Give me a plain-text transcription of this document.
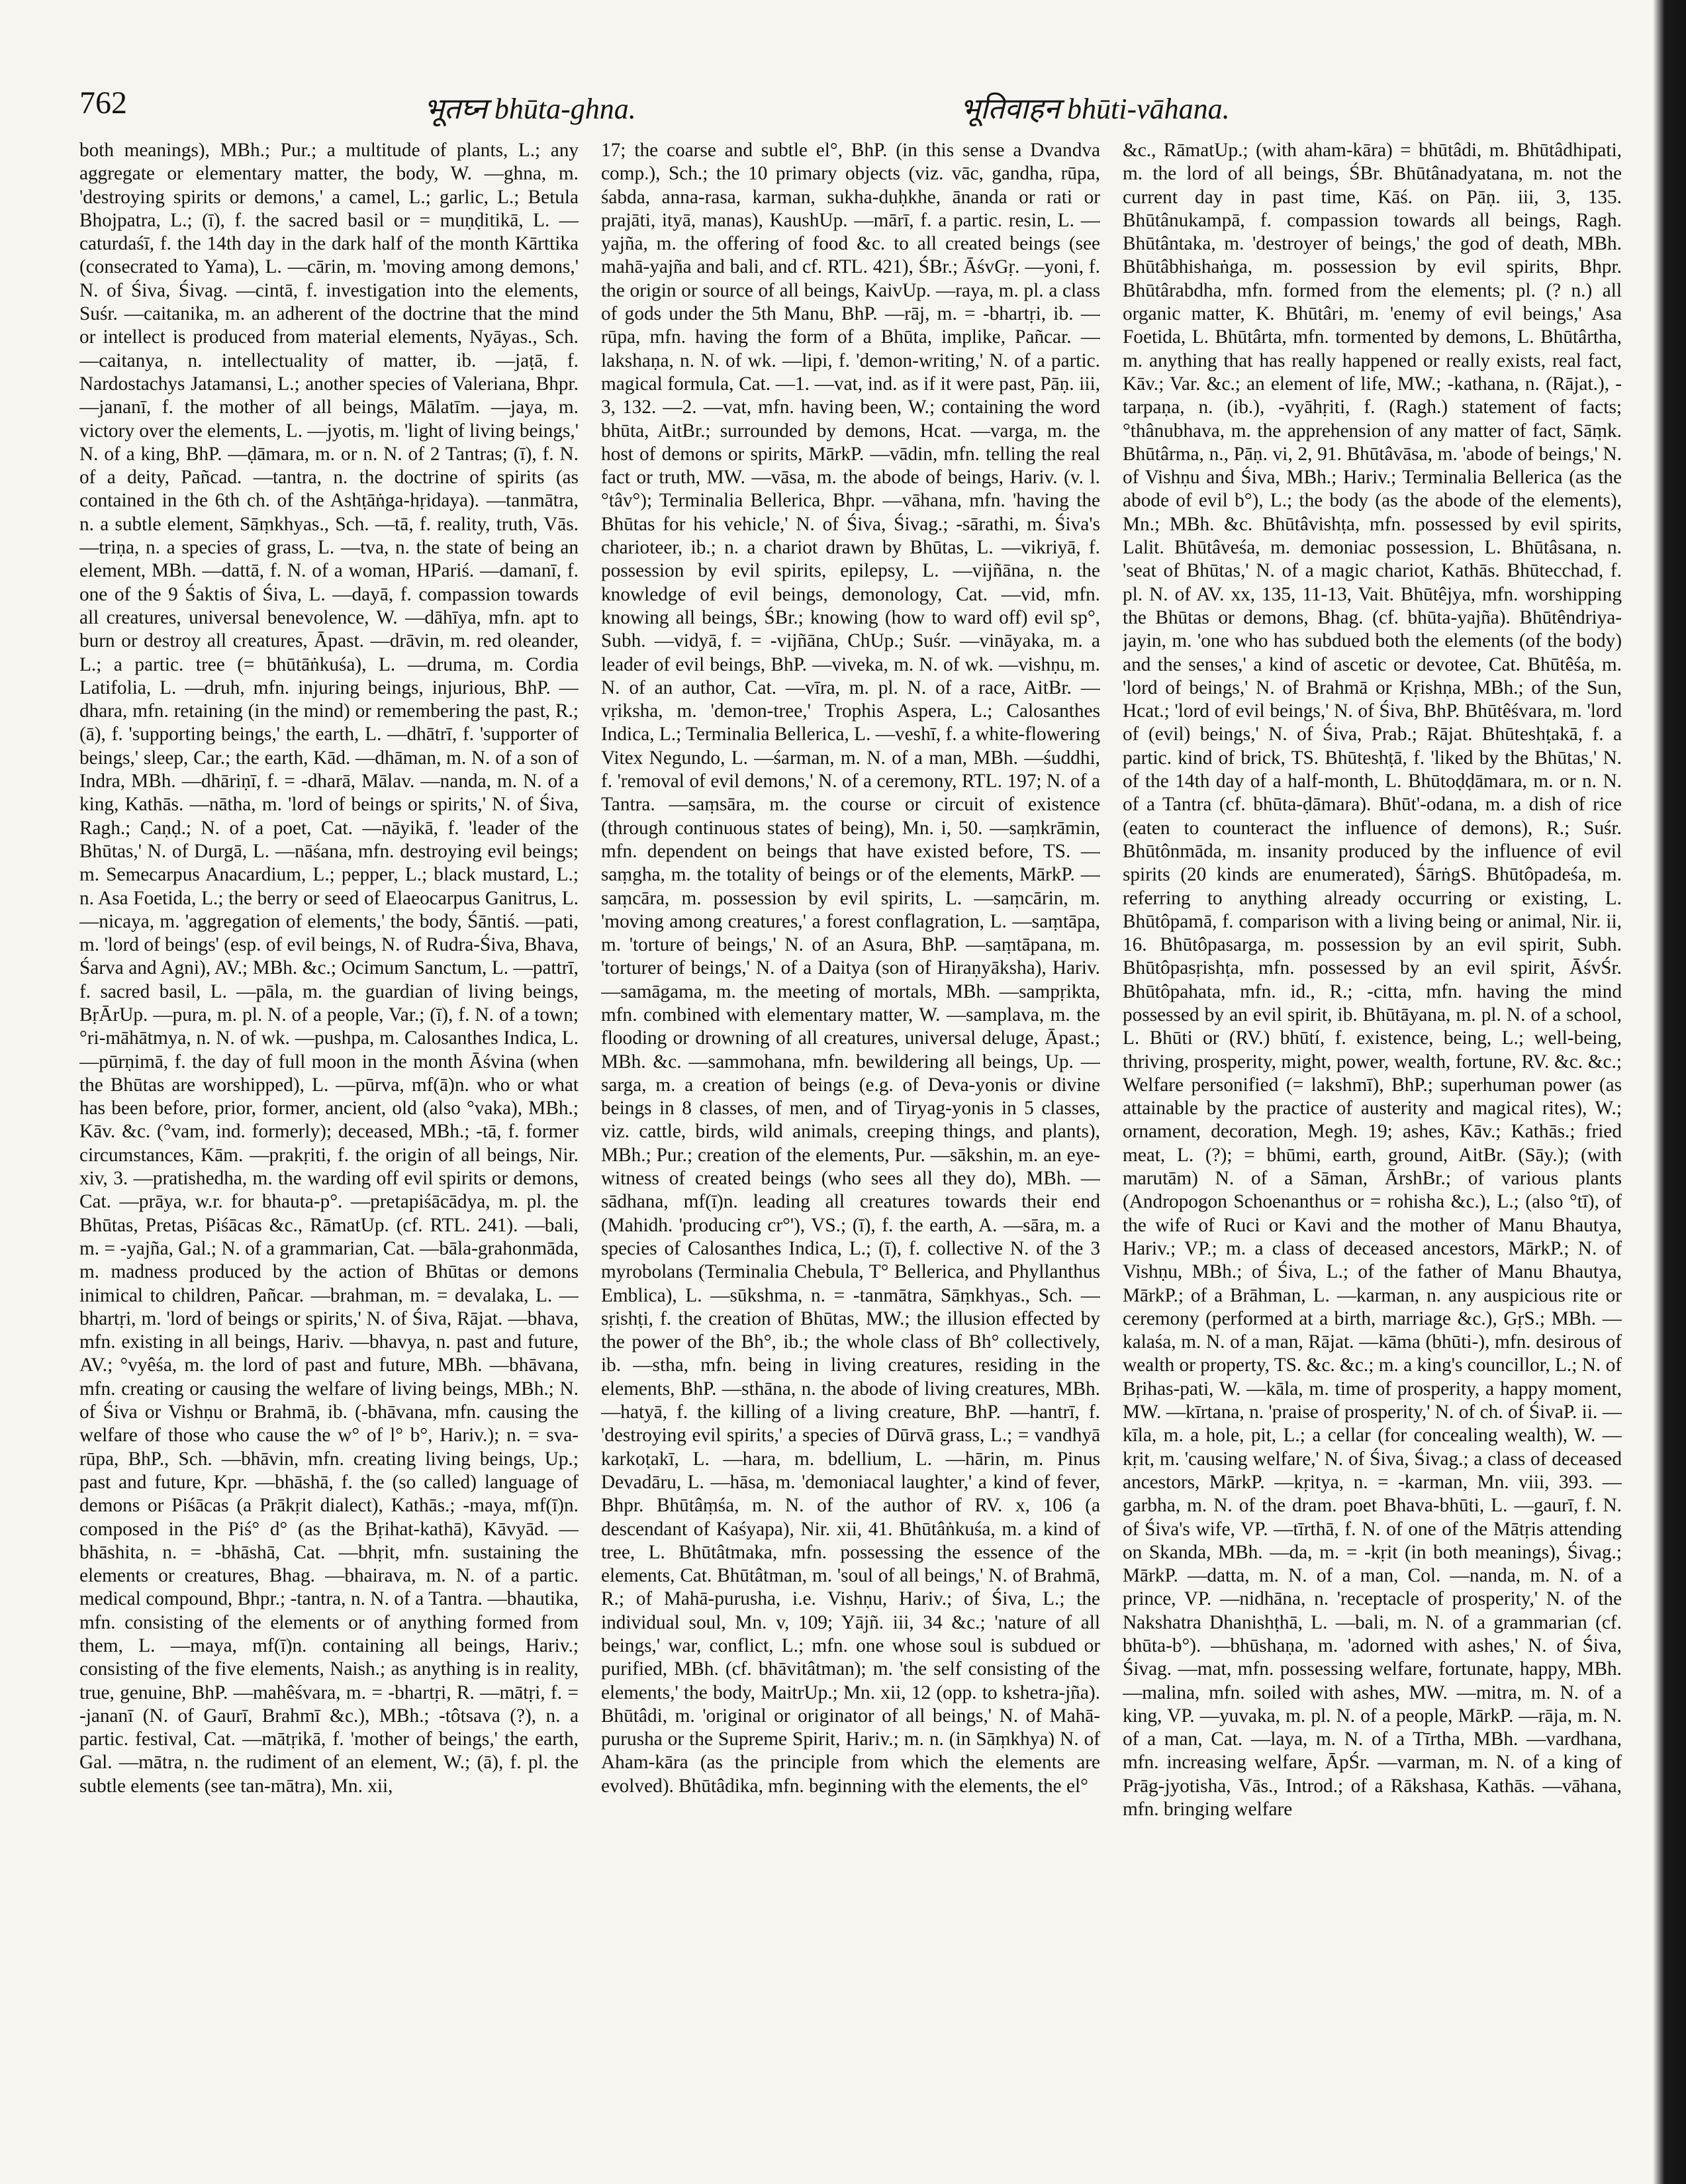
762	भूतघ्न bhūta-ghna.	भूतिवाहन bhūti-vāhana.
both meanings), MBh.; Pur.; a multitude of plants, L.; any aggregate or elementary matter, the body, W. —ghna, m. 'destroying spirits or demons,' a camel, L.; garlic, L.; Betula Bhojpatra, L.; (ī), f. the sacred basil or = muṇḍitikā, L. —caturdaśī, f. the 14th day in the dark half of the month Kārttika (consecrated to Yama), L. —cārin, m. 'moving among demons,' N. of Śiva, Śivag. —cintā, f. investigation into the elements, Suśr. —caitanika, m. an adherent of the doctrine that the mind or intellect is produced from material elements, Nyāyas., Sch. —caitanya, n. intellectuality of matter, ib. —jaṭā, f. Nardostachys Jatamansi, L.; another species of Valeriana, Bhpr. —jananī, f. the mother of all beings, Mālatīm. —jaya, m. victory over the elements, L. —jyotis, m. 'light of living beings,' N. of a king, BhP. —ḍāmara, m. or n. N. of 2 Tantras; (ī), f. N. of a deity, Pañcad. —tantra, n. the doctrine of spirits (as contained in the 6th ch. of the Ashṭāṅga-hṛidaya). —tanmātra, n. a subtle element, Sāṃkhyas., Sch. —tā, f. reality, truth, Vās. —triṇa, n. a species of grass, L. —tva, n. the state of being an element, MBh. —dattā, f. N. of a woman, HPariś. —damanī, f. one of the 9 Śaktis of Śiva, L. —dayā, f. compassion towards all creatures, universal benevolence, W. —dāhīya, mfn. apt to burn or destroy all creatures, Āpast. —drāvin, m. red oleander, L.; a partic. tree (= bhūtāṅkuśa), L. —druma, m. Cordia Latifolia, L. —druh, mfn. injuring beings, injurious, BhP. —dhara, mfn. retaining (in the mind) or remembering the past, R.; (ā), f. 'supporting beings,' the earth, L. —dhātrī, f. 'supporter of beings,' sleep, Car.; the earth, Kād. —dhāman, m. N. of a son of Indra, MBh. —dhāriṇī, f. = -dharā, Mālav. —nanda, m. N. of a king, Kathās. —nātha, m. 'lord of beings or spirits,' N. of Śiva, Ragh.; Caṇḍ.; N. of a poet, Cat. —nāyikā, f. 'leader of the Bhūtas,' N. of Durgā, L. —nāśana, mfn. destroying evil beings; m. Semecarpus Anacardium, L.; pepper, L.; black mustard, L.; n. Asa Foetida, L.; the berry or seed of Elaeocarpus Ganitrus, L. —nicaya, m. 'aggregation of elements,' the body, Śāntiś. —pati, m. 'lord of beings' (esp. of evil beings, N. of Rudra-Śiva, Bhava, Śarva and Agni), AV.; MBh. &c.; Ocimum Sanctum, L. —pattrī, f. sacred basil, L. —pāla, m. the guardian of living beings, BṛĀrUp. —pura, m. pl. N. of a people, Var.; (ī), f. N. of a town; °ri-māhātmya, n. N. of wk. —pushpa, m. Calosanthes Indica, L. —pūrṇimā, f. the day of full moon in the month Āśvina (when the Bhūtas are worshipped), L. —pūrva, mf(ā)n. who or what has been before, prior, former, ancient, old (also °vaka), MBh.; Kāv. &c. (°vam, ind. formerly); deceased, MBh.; -tā, f. former circumstances, Kām. —prakṛiti, f. the origin of all beings, Nir. xiv, 3. —pratishedha, m. the warding off evil spirits or demons, Cat. —prāya, w.r. for bhauta-p°. —pretapiśācādya, m. pl. the Bhūtas, Pretas, Piśācas &c., RāmatUp. (cf. RTL. 241). —bali, m. = -yajña, Gal.; N. of a grammarian, Cat. —bāla-grahonmāda, m. madness produced by the action of Bhūtas or demons inimical to children, Pañcar. —brahman, m. = devalaka, L. —bhartṛi, m. 'lord of beings or spirits,' N. of Śiva, Rājat. —bhava, mfn. existing in all beings, Hariv. —bhavya, n. past and future, AV.; °vyêśa, m. the lord of past and future, MBh. —bhāvana, mfn. creating or causing the welfare of living beings, MBh.; N. of Śiva or Vishṇu or Brahmā, ib. (-bhāvana, mfn. causing the welfare of those who cause the w° of l° b°, Hariv.); n. = sva-rūpa, BhP., Sch. —bhāvin, mfn. creating living beings, Up.; past and future, Kpr. —bhāshā, f. the (so called) language of demons or Piśācas (a Prākṛit dialect), Kathās.; -maya, mf(ī)n. composed in the Piś° d° (as the Bṛihat-kathā), Kāvyād. —bhāshita, n. = -bhāshā, Cat. —bhṛit, mfn. sustaining the elements or creatures, Bhag. —bhairava, m. N. of a partic. medical compound, Bhpr.; -tantra, n. N. of a Tantra. —bhautika, mfn. consisting of the elements or of anything formed from them, L. —maya, mf(ī)n. containing all beings, Hariv.; consisting of the five elements, Naish.; as anything is in reality, true, genuine, BhP. —mahêśvara, m. = -bhartṛi, R. —mātṛi, f. = -jananī (N. of Gaurī, Brahmī &c.), MBh.; -tôtsava (?), n. a partic. festival, Cat. —mātṛikā, f. 'mother of beings,' the earth, Gal. —mātra, n. the rudiment of an element, W.; (ā), f. pl. the subtle elements (see tan-mātra), Mn. xii,
17; the coarse and subtle el°, BhP. (in this sense a Dvandva comp.), Sch.; the 10 primary objects (viz. vāc, gandha, rūpa, śabda, anna-rasa, karman, sukha-duḥkhe, ānanda or rati or prajāti, ityā, manas), KaushUp. —mārī, f. a partic. resin, L. —yajña, m. the offering of food &c. to all created beings (see mahā-yajña and bali, and cf. RTL. 421), ŚBr.; ĀśvGṛ. —yoni, f. the origin or source of all beings, KaivUp. —raya, m. pl. a class of gods under the 5th Manu, BhP. —rāj, m. = -bhartṛi, ib. —rūpa, mfn. having the form of a Bhūta, implike, Pañcar. —lakshaṇa, n. N. of wk. —lipi, f. 'demon-writing,' N. of a partic. magical formula, Cat. —1. —vat, ind. as if it were past, Pāṇ. iii, 3, 132. —2. —vat, mfn. having been, W.; containing the word bhūta, AitBr.; surrounded by demons, Hcat. —varga, m. the host of demons or spirits, MārkP. —vādin, mfn. telling the real fact or truth, MW. —vāsa, m. the abode of beings, Hariv. (v. l. °tâv°); Terminalia Bellerica, Bhpr. —vāhana, mfn. 'having the Bhūtas for his vehicle,' N. of Śiva, Śivag.; -sārathi, m. Śiva's charioteer, ib.; n. a chariot drawn by Bhūtas, L. —vikriyā, f. possession by evil spirits, epilepsy, L. —vijñāna, n. the knowledge of evil beings, demonology, Cat. —vid, mfn. knowing all beings, ŚBr.; knowing (how to ward off) evil sp°, Subh. —vidyā, f. = -vijñāna, ChUp.; Suśr. —vināyaka, m. a leader of evil beings, BhP. —viveka, m. N. of wk. —vishṇu, m. N. of an author, Cat. —vīra, m. pl. N. of a race, AitBr. —vṛiksha, m. 'demon-tree,' Trophis Aspera, L.; Calosanthes Indica, L.; Terminalia Bellerica, L. —veshī, f. a white-flowering Vitex Negundo, L. —śarman, m. N. of a man, MBh. —śuddhi, f. 'removal of evil demons,' N. of a ceremony, RTL. 197; N. of a Tantra. —saṃsāra, m. the course or circuit of existence (through continuous states of being), Mn. i, 50. —saṃkrāmin, mfn. dependent on beings that have existed before, TS. —saṃgha, m. the totality of beings or of the elements, MārkP. —saṃcāra, m. possession by evil spirits, L. —saṃcārin, m. 'moving among creatures,' a forest conflagration, L. —saṃtāpa, m. 'torture of beings,' N. of an Asura, BhP. —saṃtāpana, m. 'torturer of beings,' N. of a Daitya (son of Hiraṇyāksha), Hariv. —samāgama, m. the meeting of mortals, MBh. —sampṛikta, mfn. combined with elementary matter, W. —samplava, m. the flooding or drowning of all creatures, universal deluge, Āpast.; MBh. &c. —sammohana, mfn. bewildering all beings, Up. —sarga, m. a creation of beings (e.g. of Deva-yonis or divine beings in 8 classes, of men, and of Tiryag-yonis in 5 classes, viz. cattle, birds, wild animals, creeping things, and plants), MBh.; Pur.; creation of the elements, Pur. —sākshin, m. an eye-witness of created beings (who sees all they do), MBh. —sādhana, mf(ī)n. leading all creatures towards their end (Mahidh. 'producing cr°'), VS.; (ī), f. the earth, A. —sāra, m. a species of Calosanthes Indica, L.; (ī), f. collective N. of the 3 myrobolans (Terminalia Chebula, T° Bellerica, and Phyllanthus Emblica), L. —sūkshma, n. = -tanmātra, Sāṃkhyas., Sch. —sṛishṭi, f. the creation of Bhūtas, MW.; the illusion effected by the power of the Bh°, ib.; the whole class of Bh° collectively, ib. —stha, mfn. being in living creatures, residing in the elements, BhP. —sthāna, n. the abode of living creatures, MBh. —hatyā, f. the killing of a living creature, BhP. —hantrī, f. 'destroying evil spirits,' a species of Dūrvā grass, L.; = vandhyā karkoṭakī, L. —hara, m. bdellium, L. —hārin, m. Pinus Devadāru, L. —hāsa, m. 'demoniacal laughter,' a kind of fever, Bhpr. Bhūtâṃśa, m. N. of the author of RV. x, 106 (a descendant of Kaśyapa), Nir. xii, 41. Bhūtâṅkuśa, m. a kind of tree, L. Bhūtâtmaka, mfn. possessing the essence of the elements, Cat. Bhūtâtman, m. 'soul of all beings,' N. of Brahmā, R.; of Mahā-purusha, i.e. Vishṇu, Hariv.; of Śiva, L.; the individual soul, Mn. v, 109; Yājñ. iii, 34 &c.; 'nature of all beings,' war, conflict, L.; mfn. one whose soul is subdued or purified, MBh. (cf. bhāvitâtman); m. 'the self consisting of the elements,' the body, MaitrUp.; Mn. xii, 12 (opp. to kshetra-jña). Bhūtâdi, m. 'original or originator of all beings,' N. of Mahā-purusha or the Supreme Spirit, Hariv.; m. n. (in Sāṃkhya) N. of Aham-kāra (as the principle from which the elements are evolved). Bhūtâdika, mfn. beginning with the elements, the el°
&c., RāmatUp.; (with aham-kāra) = bhūtâdi, m. Bhūtâdhipati, m. the lord of all beings, ŚBr. Bhūtânadyatana, m. not the current day in past time, Kāś. on Pāṇ. iii, 3, 135. Bhūtânukampā, f. compassion towards all beings, Ragh. Bhūtântaka, m. 'destroyer of beings,' the god of death, MBh. Bhūtâbhishaṅga, m. possession by evil spirits, Bhpr. Bhūtârabdha, mfn. formed from the elements; pl. (? n.) all organic matter, K. Bhūtâri, m. 'enemy of evil beings,' Asa Foetida, L. Bhūtârta, mfn. tormented by demons, L. Bhūtârtha, m. anything that has really happened or really exists, real fact, Kāv.; Var. &c.; an element of life, MW.; -kathana, n. (Rājat.), -tarpaṇa, n. (ib.), -vyāhṛiti, f. (Ragh.) statement of facts; °thânubhava, m. the apprehension of any matter of fact, Sāṃk. Bhūtârma, n., Pāṇ. vi, 2, 91. Bhūtâvāsa, m. 'abode of beings,' N. of Vishṇu and Śiva, MBh.; Hariv.; Terminalia Bellerica (as the abode of evil b°), L.; the body (as the abode of the elements), Mn.; MBh. &c. Bhūtâvishṭa, mfn. possessed by evil spirits, Lalit. Bhūtâveśa, m. demoniac possession, L. Bhūtâsana, n. 'seat of Bhūtas,' N. of a magic chariot, Kathās. Bhūtecchad, f. pl. N. of AV. xx, 135, 11-13, Vait. Bhūtêjya, mfn. worshipping the Bhūtas or demons, Bhag. (cf. bhūta-yajña). Bhūtêndriya-jayin, m. 'one who has subdued both the elements (of the body) and the senses,' a kind of ascetic or devotee, Cat. Bhūtêśa, m. 'lord of beings,' N. of Brahmā or Kṛishṇa, MBh.; of the Sun, Hcat.; 'lord of evil beings,' N. of Śiva, BhP. Bhūtêśvara, m. 'lord of (evil) beings,' N. of Śiva, Prab.; Rājat. Bhūteshṭakā, f. a partic. kind of brick, TS. Bhūteshṭā, f. 'liked by the Bhūtas,' N. of the 14th day of a half-month, L. Bhūtoḍḍāmara, m. or n. N. of a Tantra (cf. bhūta-ḍāmara). Bhūt'-odana, m. a dish of rice (eaten to counteract the influence of demons), R.; Suśr. Bhūtônmāda, m. insanity produced by the influence of evil spirits (20 kinds are enumerated), ŚārṅgS. Bhūtôpadeśa, m. referring to anything already occurring or existing, L. Bhūtôpamā, f. comparison with a living being or animal, Nir. ii, 16. Bhūtôpasarga, m. possession by an evil spirit, Subh. Bhūtôpasṛishṭa, mfn. possessed by an evil spirit, ĀśvŚr. Bhūtôpahata, mfn. id., R.; -citta, mfn. having the mind possessed by an evil spirit, ib. Bhūtāyana, m. pl. N. of a school, L. Bhūti or (RV.) bhūtí, f. existence, being, L.; well-being, thriving, prosperity, might, power, wealth, fortune, RV. &c. &c.; Welfare personified (= lakshmī), BhP.; superhuman power (as attainable by the practice of austerity and magical rites), W.; ornament, decoration, Megh. 19; ashes, Kāv.; Kathās.; fried meat, L. (?); = bhūmi, earth, ground, AitBr. (Sāy.); (with marutām) N. of a Sāman, ĀrshBr.; of various plants (Andropogon Schoenanthus or = rohisha &c.), L.; (also °tī), of the wife of Ruci or Kavi and the mother of Manu Bhautya, Hariv.; VP.; m. a class of deceased ancestors, MārkP.; N. of Vishṇu, MBh.; of Śiva, L.; of the father of Manu Bhautya, MārkP.; of a Brāhman, L. —karman, n. any auspicious rite or ceremony (performed at a birth, marriage &c.), GṛS.; MBh. —kalaśa, m. N. of a man, Rājat. —kāma (bhūti-), mfn. desirous of wealth or property, TS. &c. &c.; m. a king's councillor, L.; N. of Bṛihas-pati, W. —kāla, m. time of prosperity, a happy moment, MW. —kīrtana, n. 'praise of prosperity,' N. of ch. of ŚivaP. ii. —kīla, m. a hole, pit, L.; a cellar (for concealing wealth), W. —kṛit, m. 'causing welfare,' N. of Śiva, Śivag.; a class of deceased ancestors, MārkP. —kṛitya, n. = -karman, Mn. viii, 393. —garbha, m. N. of the dram. poet Bhava-bhūti, L. —gaurī, f. N. of Śiva's wife, VP. —tīrthā, f. N. of one of the Mātṛis attending on Skanda, MBh. —da, m. = -kṛit (in both meanings), Śivag.; MārkP. —datta, m. N. of a man, Col. —nanda, m. N. of a prince, VP. —nidhāna, n. 'receptacle of prosperity,' N. of the Nakshatra Dhanishṭhā, L. —bali, m. N. of a grammarian (cf. bhūta-b°). —bhūshaṇa, m. 'adorned with ashes,' N. of Śiva, Śivag. —mat, mfn. possessing welfare, fortunate, happy, MBh. —malina, mfn. soiled with ashes, MW. —mitra, m. N. of a king, VP. —yuvaka, m. pl. N. of a people, MārkP. —rāja, m. N. of a man, Cat. —laya, m. N. of a Tīrtha, MBh. —vardhana, mfn. increasing welfare, ĀpŚr. —varman, m. N. of a king of Prāg-jyotisha, Vās., Introd.; of a Rākshasa, Kathās. —vāhana, mfn. bringing welfare
